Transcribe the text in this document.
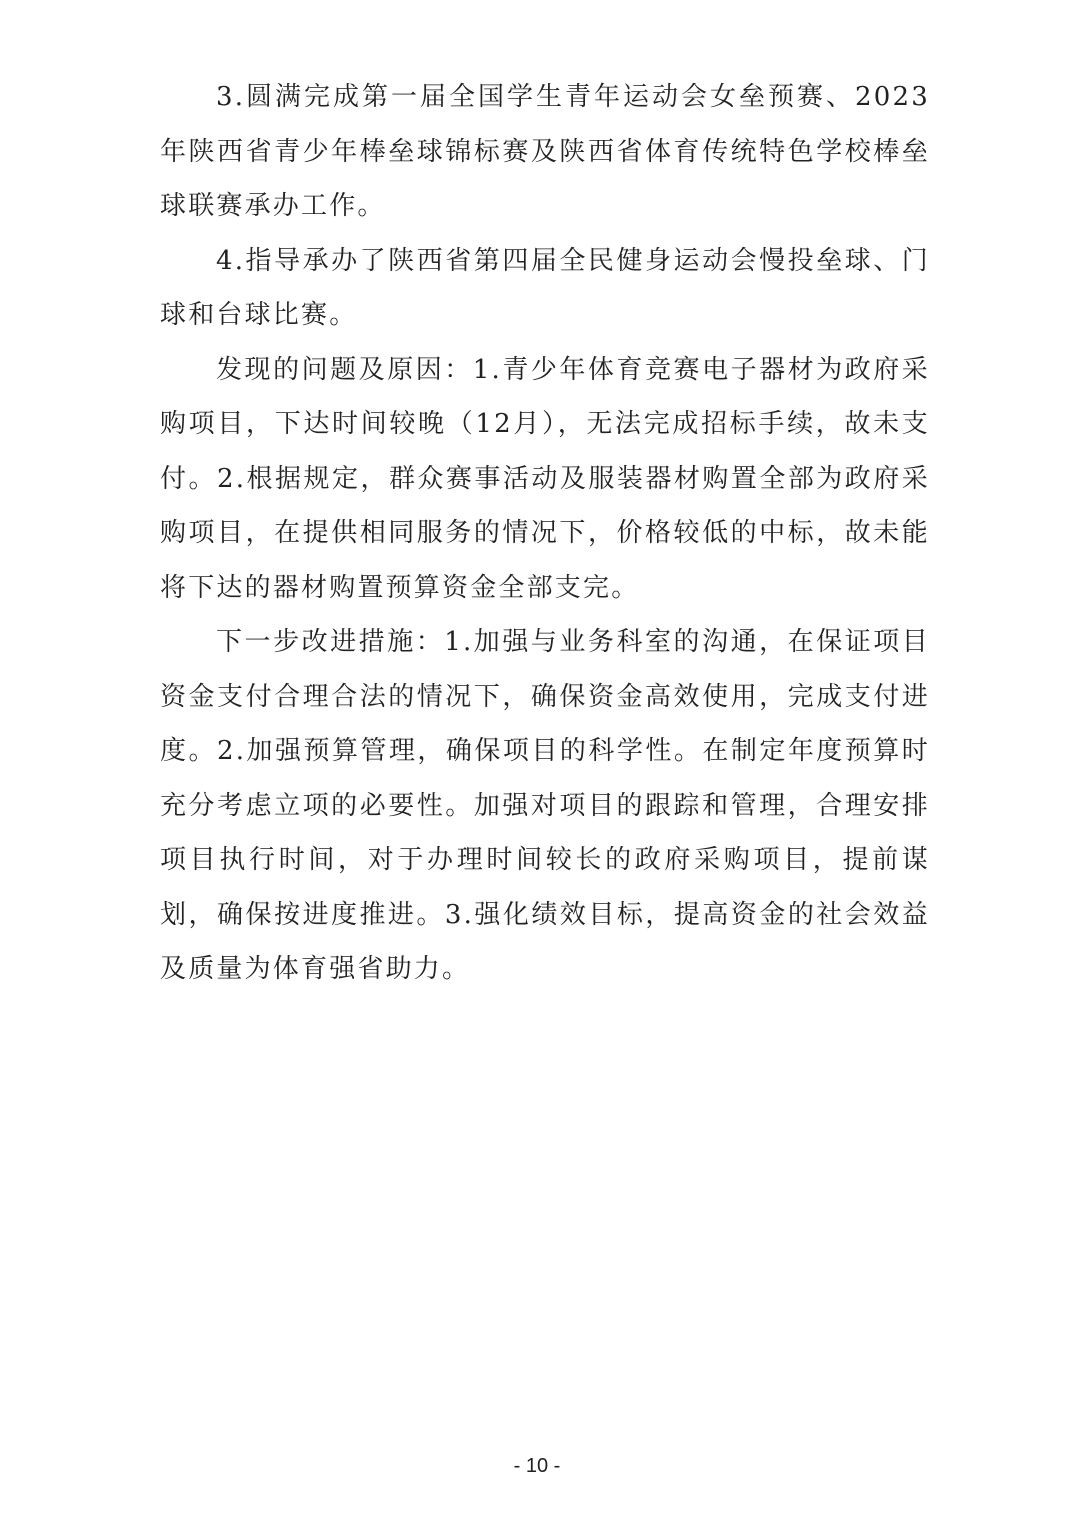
3.圆满完成第一届全国学生青年运动会女垒预赛、2023年陕西省青少年棒垒球锦标赛及陕西省体育传统特色学校棒垒球联赛承办工作。

4.指导承办了陕西省第四届全民健身运动会慢投垒球、门球和台球比赛。

发现的问题及原因：1.青少年体育竞赛电子器材为政府采购项目，下达时间较晚（12月），无法完成招标手续，故未支付。2.根据规定，群众赛事活动及服装器材购置全部为政府采购项目，在提供相同服务的情况下，价格较低的中标，故未能将下达的器材购置预算资金全部支完。

下一步改进措施：1.加强与业务科室的沟通，在保证项目资金支付合理合法的情况下，确保资金高效使用，完成支付进度。2.加强预算管理，确保项目的科学性。在制定年度预算时充分考虑立项的必要性。加强对项目的跟踪和管理，合理安排项目执行时间，对于办理时间较长的政府采购项目，提前谋划，确保按进度推进。3.强化绩效目标，提高资金的社会效益及质量为体育强省助力。

- 10 -
